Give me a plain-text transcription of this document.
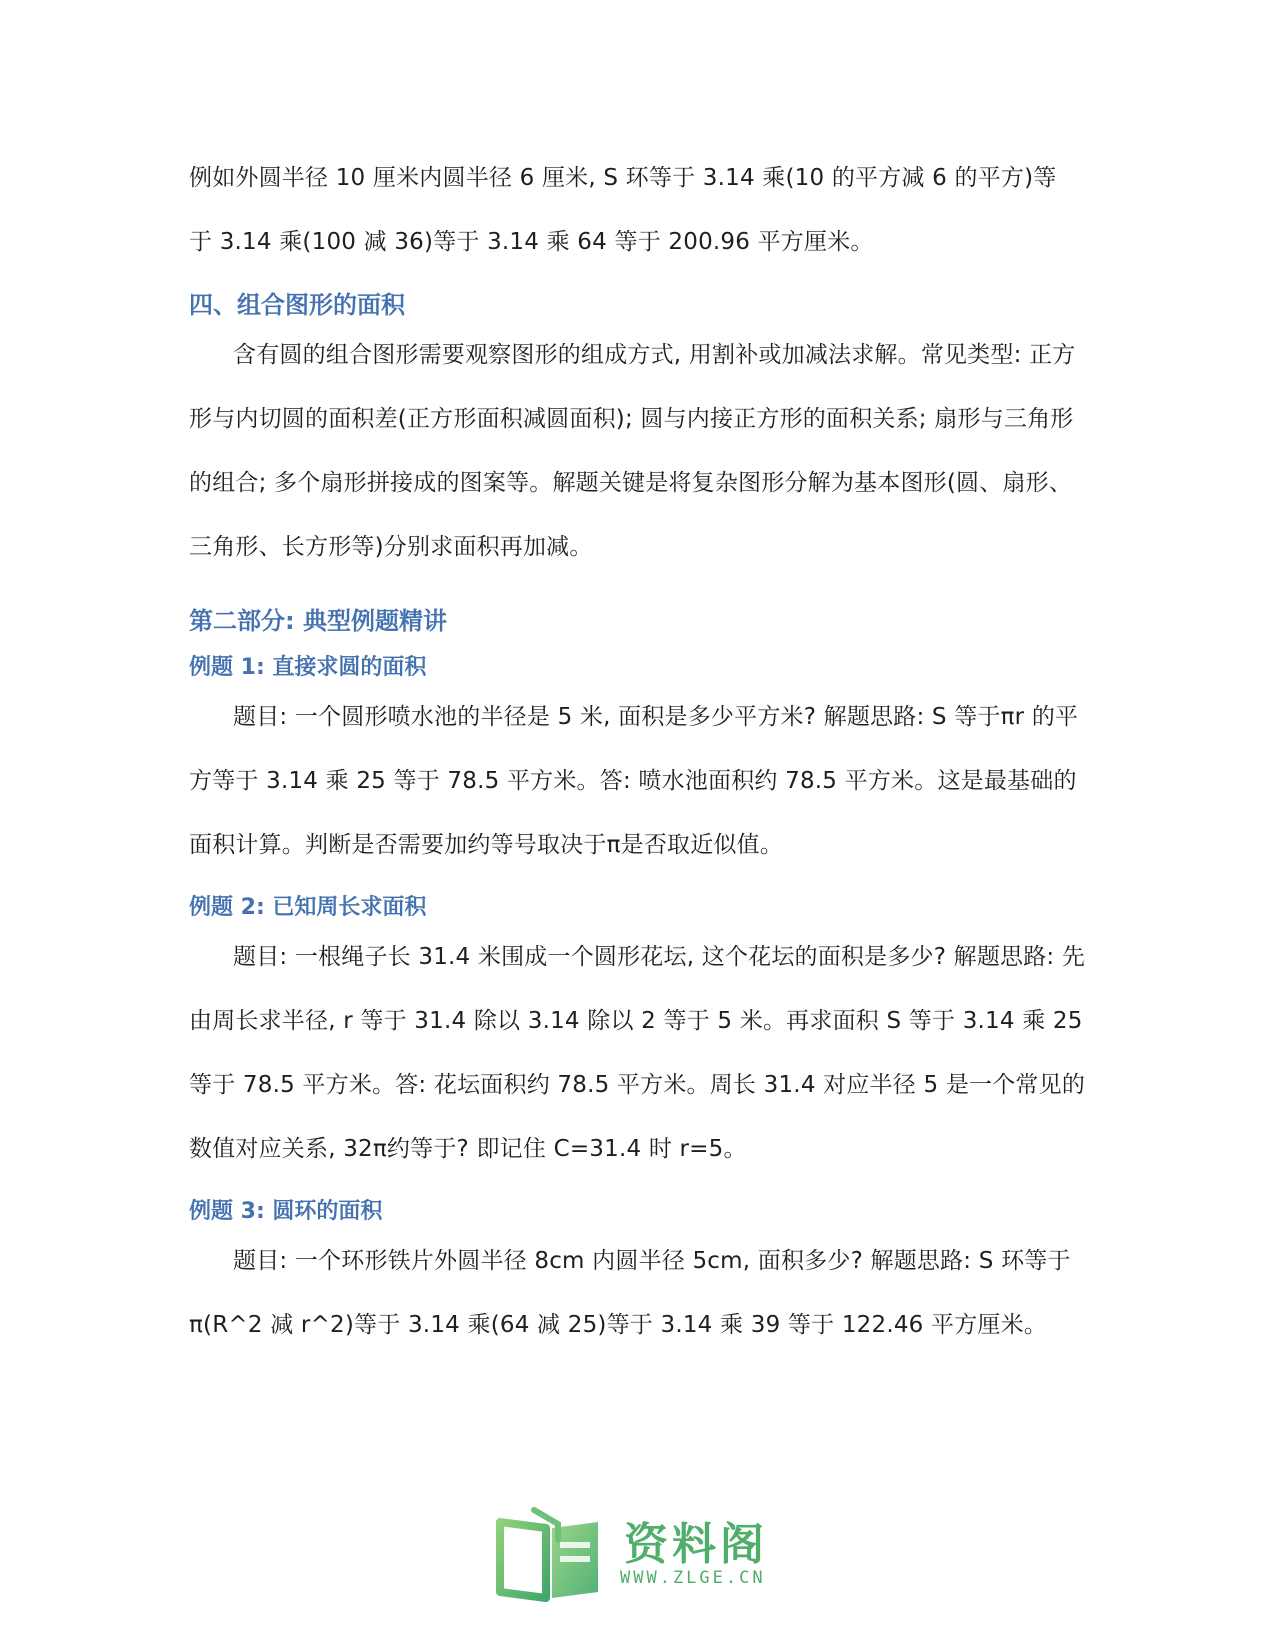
例如外圆半径 10 厘米内圆半径 6 厘米, S 环等于 3.14 乘(10 的平方减 6 的平方)等
于 3.14 乘(100 减 36)等于 3.14 乘 64 等于 200.96 平方厘米。

四、组合图形的面积

含有圆的组合图形需要观察图形的组成方式, 用割补或加减法求解。常见类型: 正方形与内切圆的面积差(正方形面积减圆面积); 圆与内接正方形的面积关系; 扇形与三角形的组合; 多个扇形拼接成的图案等。解题关键是将复杂图形分解为基本图形(圆、扇形、三角形、长方形等)分别求面积再加减。

第二部分: 典型例题精讲
例题 1: 直接求圆的面积

题目: 一个圆形喷水池的半径是 5 米, 面积是多少平方米? 解题思路: S 等于πr 的平方等于 3.14 乘 25 等于 78.5 平方米。答: 喷水池面积约 78.5 平方米。这是最基础的面积计算。判断是否需要加约等号取决于π是否取近似值。

例题 2: 已知周长求面积

题目: 一根绳子长 31.4 米围成一个圆形花坛, 这个花坛的面积是多少? 解题思路: 先由周长求半径, r 等于 31.4 除以 3.14 除以 2 等于 5 米。再求面积 S 等于 3.14 乘 25 等于 78.5 平方米。答: 花坛面积约 78.5 平方米。周长 31.4 对应半径 5 是一个常见的数值对应关系, 32π约等于? 即记住 C=31.4 时 r=5。

例题 3: 圆环的面积

题目: 一个环形铁片外圆半径 8cm 内圆半径 5cm, 面积多少? 解题思路: S 环等于π(R^2 减 r^2)等于 3.14 乘(64 减 25)等于 3.14 乘 39 等于 122.46 平方厘米。

资料阁
WWW.ZLGE.CN
